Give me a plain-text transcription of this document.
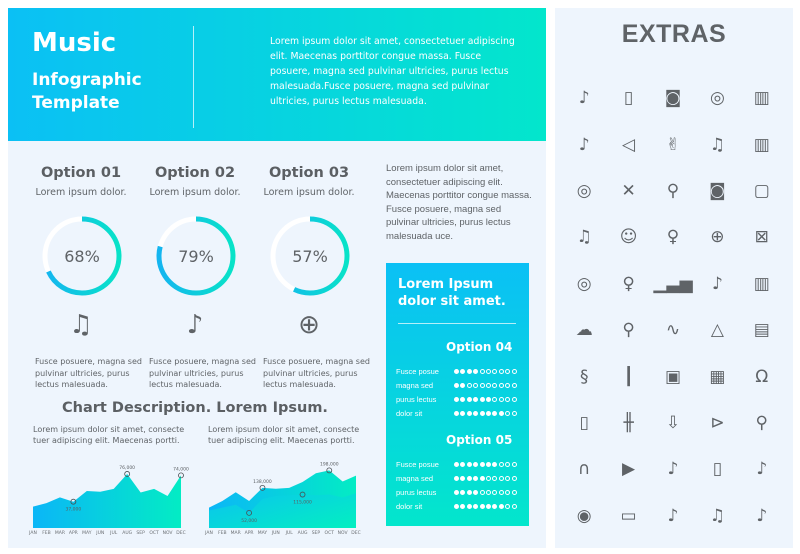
Music
Infographic Template
Lorem ipsum dolor sit amet, consectetuer adipiscing elit. Maecenas porttitor congue massa. Fusce posuere, magna sed pulvinar ultricies, purus lectus malesuada.Fusce posuere, magna sed pulvinar ultricies, purus lectus malesuada.
Option 01
Lorem ipsum dolor.
68%
♫
Fusce posuere, magna sed pulvinar ultricies, purus lectus malesuada.
Option 02
Lorem ipsum dolor.
79%
♪
Fusce posuere, magna sed pulvinar ultricies, purus lectus malesuada.
Option 03
Lorem ipsum dolor.
57%
⊕
Fusce posuere, magna sed pulvinar ultricies, purus lectus malesuada.
Lorem ipsum dolor sit amet, consectetuer adipiscing elit. Maecenas porttitor congue massa. Fusce posuere, magna sed pulvinar ultricies, purus lectus malesuada uce.
Lorem Ipsum dolor sit amet.
Option 04
Fusce posue
magna sed
purus lectus
dolor sit
Option 05
Fusce posue
magna sed
purus lectus
dolor sit
Chart Description. Lorem Ipsum.
Lorem ipsum dolor sit amet, consecte tuer adipiscing elit. Maecenas portti.
Lorem ipsum dolor sit amet, consecte tuer adipiscing elit. Maecenas portti.
JAN FEB MAR APR MAY JUN JUL AUG SEP OCT NOV DEC
37,000
76,000	74,000
JAN FEB MAR APR MAY JUN JUL AUG SEP OCT NOV DEC
138,000
198,000
52,000
115,000
EXTRAS
♪	▯	◙	◎	▥
♪	◁	✌	♫	▥
◎	✕	⚲	◙	▢
♫	☺	♀	⊕	⊠
◎	♀	▁▃▅	♪	▥
☁	⚲	∿	△	▤
§	┃	▣	▦	Ω
▯	╫	⇩	⊳	⚲
∩	▶	♪	▯	♪
◉	▭	♪	♫	♪
